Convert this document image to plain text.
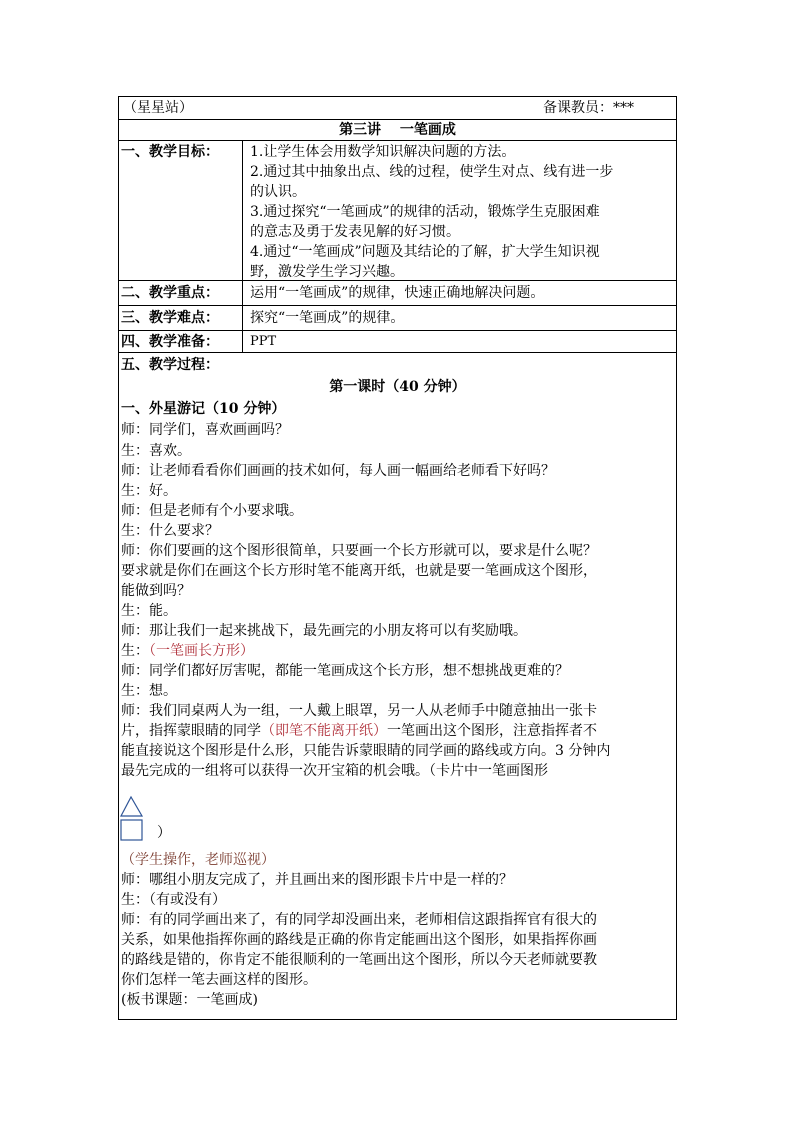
（星星站）	备课教员：***
第三讲　 一笔画成
一、教学目标： 1.让学生体会用数学知识解决问题的方法。
2.通过其中抽象出点、线的过程，使学生对点、线有进一步
的认识。
3.通过探究“一笔画成”的规律的活动，锻炼学生克服困难
的意志及勇于发表见解的好习惯。
4.通过“一笔画成”问题及其结论的了解，扩大学生知识视
野，激发学生学习兴趣。
二、教学重点： 运用“一笔画成”的规律，快速正确地解决问题。
三、教学难点： 探究“一笔画成”的规律。
四、教学准备： PPT
五、教学过程：
第一课时（40 分钟）
一、外星游记（10 分钟）
师：同学们，喜欢画画吗？
生：喜欢。
师：让老师看看你们画画的技术如何，每人画一幅画给老师看下好吗？
生：好。
师：但是老师有个小要求哦。
生：什么要求？
师：你们要画的这个图形很简单，只要画一个长方形就可以，要求是什么呢？
要求就是你们在画这个长方形时笔不能离开纸，也就是要一笔画成这个图形，
能做到吗？
生：能。
师：那让我们一起来挑战下，最先画完的小朋友将可以有奖励哦。
生：（一笔画长方形）
师：同学们都好厉害呢，都能一笔画成这个长方形，想不想挑战更难的？
生：想。
师：我们同桌两人为一组，一人戴上眼罩，另一人从老师手中随意抽出一张卡
片，指挥蒙眼睛的同学（即笔不能离开纸）一笔画出这个图形，注意指挥者不
能直接说这个图形是什么形，只能告诉蒙眼睛的同学画的路线或方向。3 分钟内
最先完成的一组将可以获得一次开宝箱的机会哦。（卡片中一笔画图形
）
（学生操作，老师巡视）
师：哪组小朋友完成了，并且画出来的图形跟卡片中是一样的？
生：（有或没有）
师：有的同学画出来了，有的同学却没画出来，老师相信这跟指挥官有很大的
关系，如果他指挥你画的路线是正确的你肯定能画出这个图形，如果指挥你画
的路线是错的，你肯定不能很顺利的一笔画出这个图形，所以今天老师就要教
你们怎样一笔去画这样的图形。
(板书课题：一笔画成)
